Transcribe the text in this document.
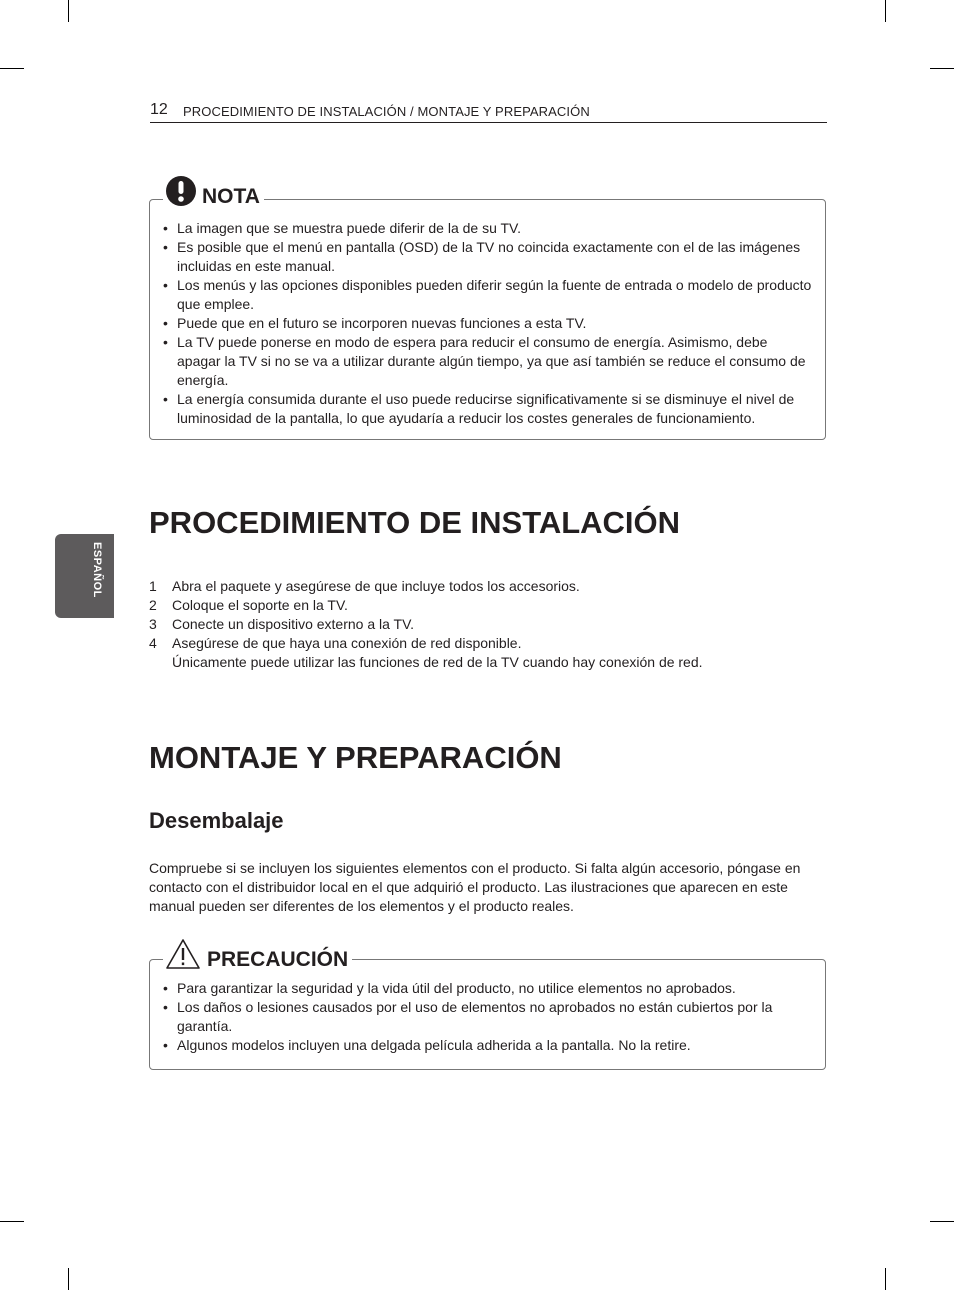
12 PROCEDIMIENTO DE INSTALACIÓN / MONTAJE Y PREPARACIÓN
ESPAÑOL
NOTA
• La imagen que se muestra puede diferir de la de su TV.
• Es posible que el menú en pantalla (OSD) de la TV no coincida exactamente con el de las imágenes incluidas en este manual.
• Los menús y las opciones disponibles pueden diferir según la fuente de entrada o modelo de producto que emplee.
• Puede que en el futuro se incorporen nuevas funciones a esta TV.
• La TV puede ponerse en modo de espera para reducir el consumo de energía. Asimismo, debe apagar la TV si no se va a utilizar durante algún tiempo, ya que así también se reduce el consumo de energía.
• La energía consumida durante el uso puede reducirse significativamente si se disminuye el nivel de luminosidad de la pantalla, lo que ayudaría a reducir los costes generales de funcionamiento.
PROCEDIMIENTO DE INSTALACIÓN
1 Abra el paquete y asegúrese de que incluye todos los accesorios.
2 Coloque el soporte en la TV.
3 Conecte un dispositivo externo a la TV.
4 Asegúrese de que haya una conexión de red disponible.
Únicamente puede utilizar las funciones de red de la TV cuando hay conexión de red.
MONTAJE Y PREPARACIÓN
Desembalaje

Compruebe si se incluyen los siguientes elementos con el producto. Si falta algún accesorio, póngase en contacto con el distribuidor local en el que adquirió el producto. Las ilustraciones que aparecen en este manual pueden ser diferentes de los elementos y el producto reales.

PRECAUCIÓN
• Para garantizar la seguridad y la vida útil del producto, no utilice elementos no aprobados.
• Los daños o lesiones causados por el uso de elementos no aprobados no están cubiertos por la garantía.
• Algunos modelos incluyen una delgada película adherida a la pantalla. No la retire.
